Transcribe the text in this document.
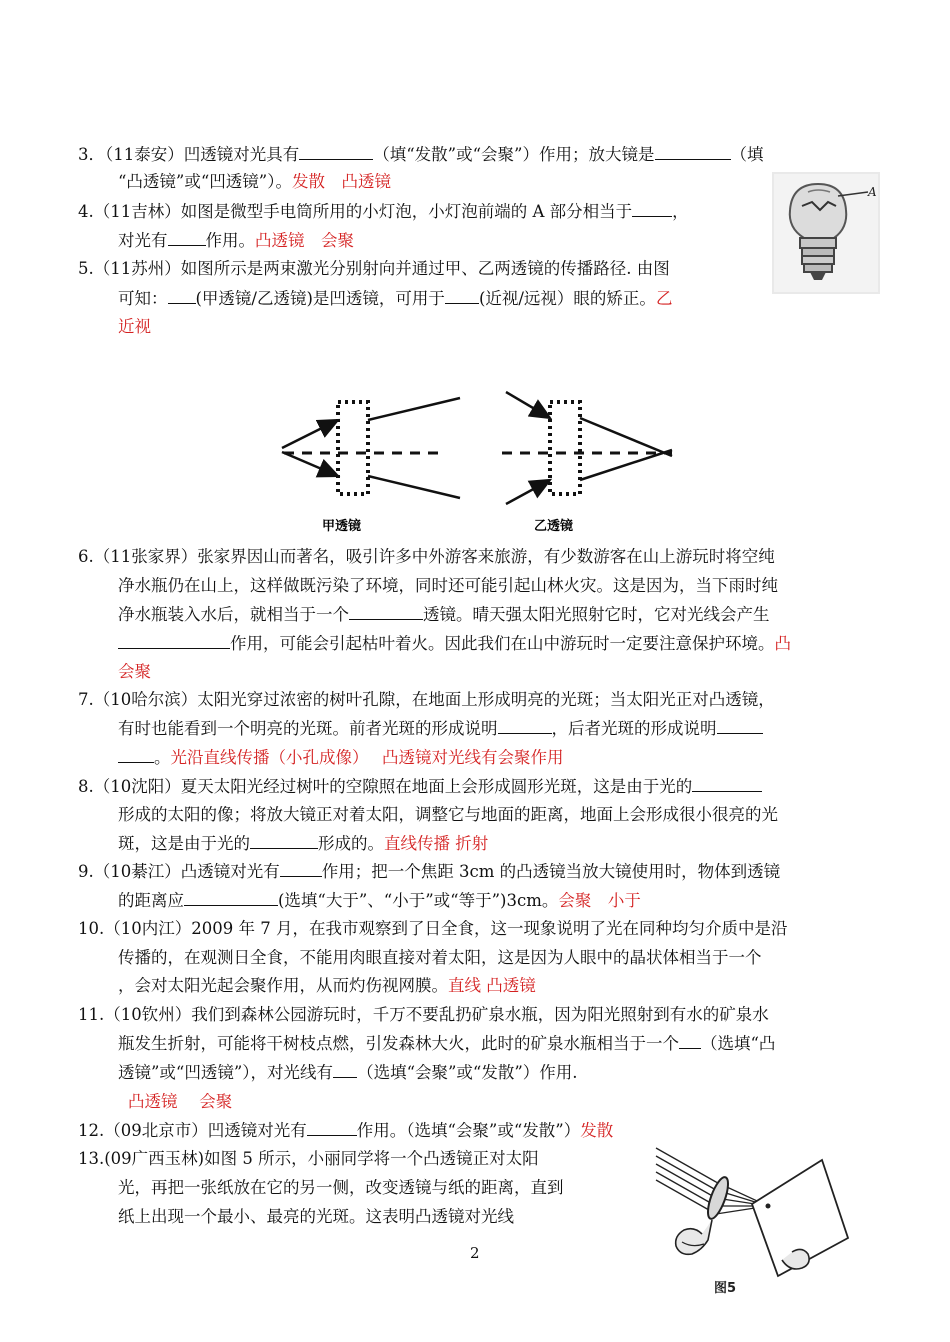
3．（11泰安）凹透镜对光具有	（填“发散”或“会聚”）作用；放大镜是	（填
“凸透镜”或“凹透镜”）。发散　凸透镜
4.（11吉林）如图是微型手电筒所用的小灯泡，小灯泡前端的 A 部分相当于 ，
对光有 作用。凸透镜　会聚
A
5.（11苏州）如图所示是两束激光分别射向并通过甲、乙两透镜的传播路径. 由图
可知： (甲透镜/乙透镜)是凹透镜，可用于 (近视/远视）眼的矫正。乙
近视
甲透镜	乙透镜
6.（11张家界）张家界因山而著名，吸引许多中外游客来旅游，有少数游客在山上游玩时将空纯
净水瓶仍在山上，这样做既污染了环境，同时还可能引起山林火灾。这是因为，当下雨时纯
净水瓶装入水后，就相当于一个	透镜。晴天强太阳光照射它时，它对光线会产生
作用，可能会引起枯叶着火。因此我们在山中游玩时一定要注意保护环境。凸
会聚
7.（10哈尔滨）太阳光穿过浓密的树叶孔隙，在地面上形成明亮的光斑；当太阳光正对凸透镜，
有时也能看到一个明亮的光斑。前者光斑的形成说明	，后者光斑的形成说明
。光沿直线传播（小孔成像）　 凸透镜对光线有会聚作用
8.（10沈阳）夏天太阳光经过树叶的空隙照在地面上会形成圆形光斑，这是由于光的
形成的太阳的像；将放大镜正对着太阳，调整它与地面的距离，地面上会形成很小很亮的光
斑，这是由于光的	形成的。直线传播 折射
9.（10綦江）凸透镜对光有	作用；把一个焦距 3cm 的凸透镜当放大镜使用时，物体到透镜
的距离应	(选填“大于”、“小于”或“等于”)3cm。会聚　小于
10.（10内江）2009 年 7 月，在我市观察到了日全食，这一现象说明了光在同种均匀介质中是沿
传播的，在观测日全食，不能用肉眼直接对着太阳，这是因为人眼中的晶状体相当于一个
，会对太阳光起会聚作用，从而灼伤视网膜。直线 凸透镜
11.（10钦州）我们到森林公园游玩时，千万不要乱扔矿泉水瓶，因为阳光照射到有水的矿泉水
瓶发生折射，可能将干树枝点燃，引发森林大火，此时的矿泉水瓶相当于一个 （选填“凸
透镜”或“凹透镜”），对光线有 （选填“会聚”或“发散”）作用.
凸透镜　 会聚
12.（09北京市）凹透镜对光有	作用。（选填“会聚”或“发散”）发散
13.(09广西玉林)如图 5 所示，小丽同学将一个凸透镜正对太阳
光，再把一张纸放在它的另一侧，改变透镜与纸的距离，直到
纸上出现一个最小、最亮的光斑。这表明凸透镜对光线
图5
2
